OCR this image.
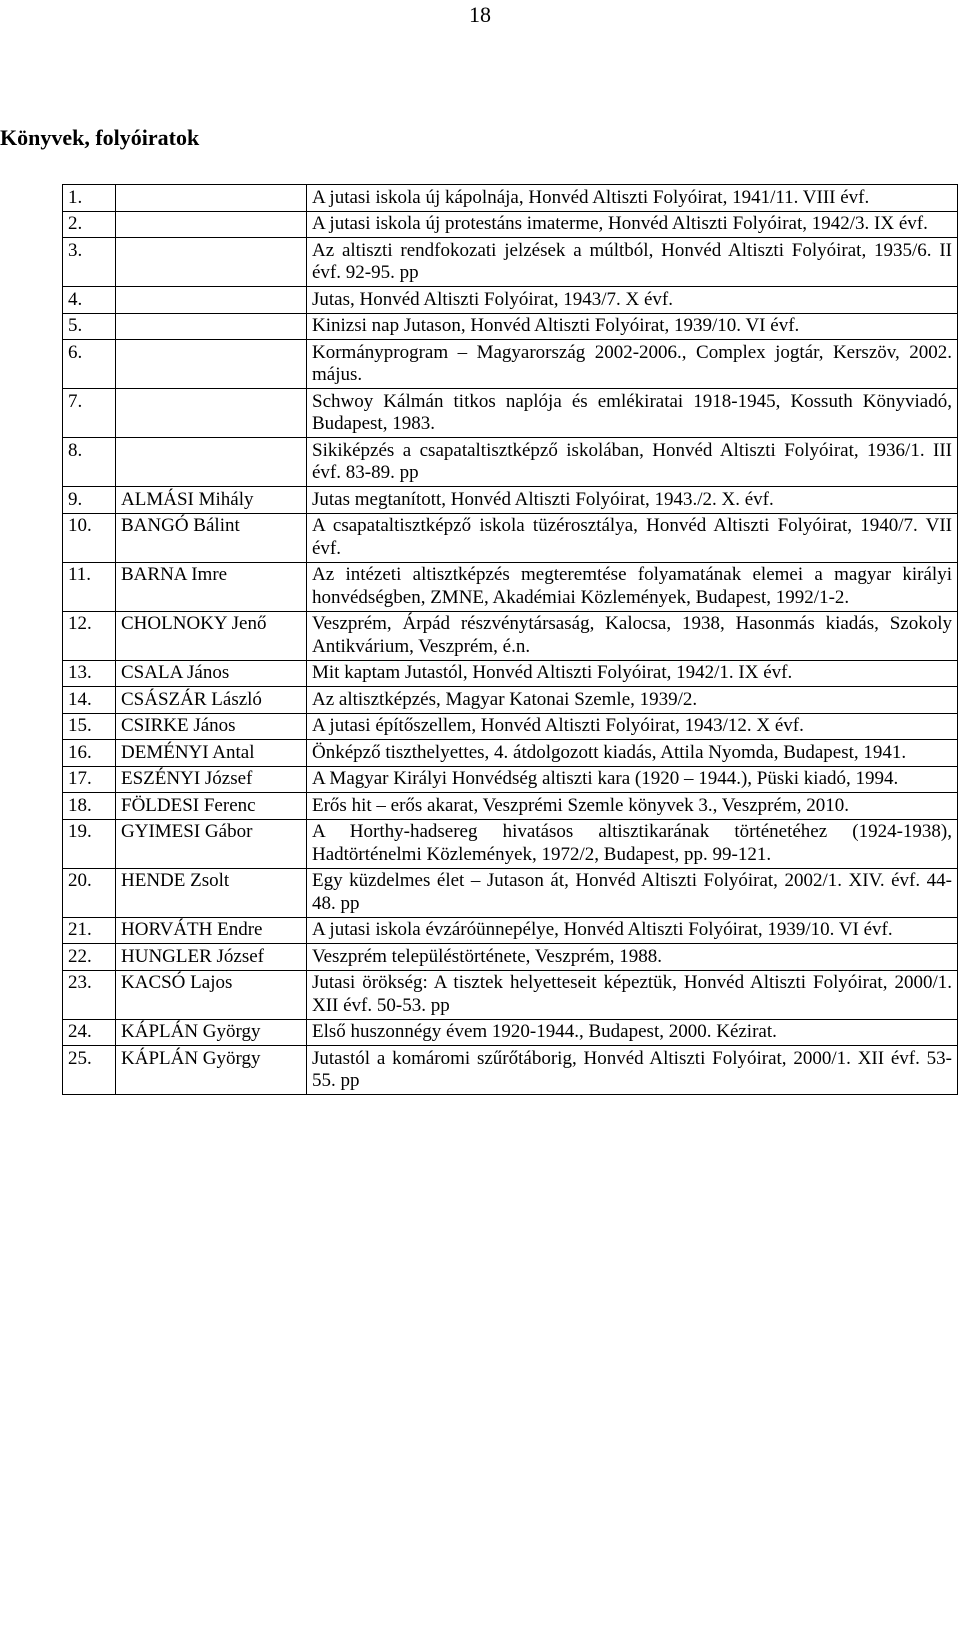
18
Könyvek, folyóiratok
1.		A jutasi iskola új kápolnája, Honvéd Altiszti Folyóirat, 1941/11. VIII évf.
2.		A jutasi iskola új protestáns imaterme, Honvéd Altiszti Folyóirat, 1942/3. IX évf.
3.		Az altiszti rendfokozati jelzések a múltból, Honvéd Altiszti Folyóirat, 1935/6. II évf. 92-95. pp
4.		Jutas, Honvéd Altiszti Folyóirat, 1943/7. X évf.
5.		Kinizsi nap Jutason, Honvéd Altiszti Folyóirat, 1939/10. VI évf.
6.		Kormányprogram – Magyarország 2002-2006., Complex jogtár, Kerszöv, 2002. május.
7.		Schwoy Kálmán titkos naplója és emlékiratai 1918-1945, Kossuth Könyviadó, Budapest, 1983.
8.		Sikiképzés a csapataltisztképző iskolában, Honvéd Altiszti Folyóirat, 1936/1. III évf. 83-89. pp
9.	ALMÁSI Mihály	Jutas megtanított, Honvéd Altiszti Folyóirat, 1943./2. X. évf.
10.	BANGÓ Bálint	A csapataltisztképző iskola tüzérosztálya, Honvéd Altiszti Folyóirat, 1940/7. VII évf.
11.	BARNA Imre	Az intézeti altisztképzés megteremtése folyamatának elemei a magyar királyi honvédségben, ZMNE, Akadémiai Közlemények, Budapest, 1992/1-2.
12.	CHOLNOKY Jenő	Veszprém, Árpád részvénytársaság, Kalocsa, 1938, Hasonmás kiadás, Szokoly Antikvárium, Veszprém, é.n.
13.	CSALA János	Mit kaptam Jutastól, Honvéd Altiszti Folyóirat, 1942/1. IX évf.
14.	CSÁSZÁR László	Az altisztképzés, Magyar Katonai Szemle, 1939/2.
15.	CSIRKE János	A jutasi építőszellem, Honvéd Altiszti Folyóirat, 1943/12. X évf.
16.	DEMÉNYI Antal	Önképző tiszthelyettes, 4. átdolgozott kiadás, Attila Nyomda, Budapest, 1941.
17.	ESZÉNYI József	A Magyar Királyi Honvédség altiszti kara (1920 – 1944.), Püski kiadó, 1994.
18.	FÖLDESI Ferenc	Erős hit – erős akarat, Veszprémi Szemle könyvek 3., Veszprém, 2010.
19.	GYIMESI Gábor	A Horthy-hadsereg hivatásos altisztikarának történetéhez (1924-1938), Hadtörténelmi Közlemények, 1972/2, Budapest, pp. 99-121.
20.	HENDE Zsolt	Egy küzdelmes élet – Jutason át, Honvéd Altiszti Folyóirat, 2002/1. XIV. évf. 44-48. pp
21.	HORVÁTH Endre	A jutasi iskola évzáróünnepélye, Honvéd Altiszti Folyóirat, 1939/10. VI évf.
22.	HUNGLER József	Veszprém településtörténete, Veszprém, 1988.
23.	KACSÓ Lajos	Jutasi örökség: A tisztek helyetteseit képeztük, Honvéd Altiszti Folyóirat, 2000/1. XII évf. 50-53. pp
24.	KÁPLÁN György	Első huszonnégy évem 1920-1944., Budapest, 2000. Kézirat.
25.	KÁPLÁN György	Jutastól a komáromi szűrőtáborig, Honvéd Altiszti Folyóirat, 2000/1. XII évf. 53-55. pp
